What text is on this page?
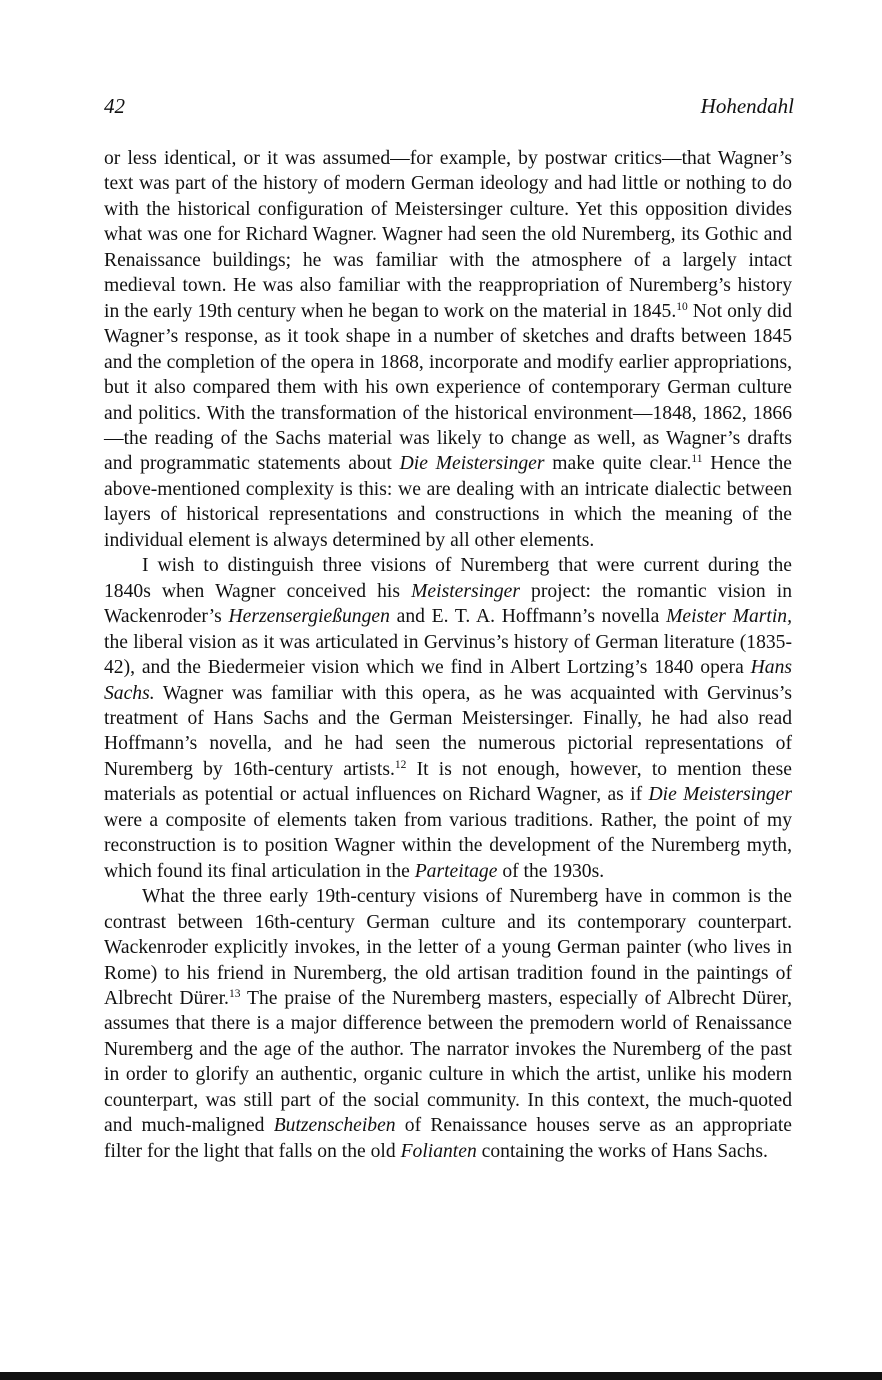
42	Hohendahl

or less identical, or it was assumed—for example, by postwar critics—that Wagner’s text was part of the history of modern German ideology and had little or nothing to do with the historical configuration of Meistersinger culture. Yet this opposition divides what was one for Richard Wagner. Wagner had seen the old Nuremberg, its Gothic and Renaissance buildings; he was familiar with the atmosphere of a largely intact medieval town. He was also familiar with the reappropriation of Nuremberg’s history in the early 19th century when he began to work on the material in 1845.10 Not only did Wagner’s response, as it took shape in a number of sketches and drafts between 1845 and the completion of the opera in 1868, incorporate and modify earlier appropriations, but it also compared them with his own experience of contemporary German culture and politics. With the transformation of the historical environment—1848, 1862, 1866—the reading of the Sachs material was likely to change as well, as Wagner’s drafts and programmatic statements about Die Meistersinger make quite clear.$^{11}$ Hence the above-mentioned complexity is this: we are dealing with an intricate dialectic between layers of historical representations and constructions in which the meaning of the individual element is always determined by all other elements.

I wish to distinguish three visions of Nuremberg that were current during the 1840s when Wagner conceived his Meistersinger project: the romantic vision in Wackenroder’s Herzensergießungen and E. T. A. Hoffmann’s novella Meister Martin, the liberal vision as it was articulated in Gervinus’s history of German literature (1835-42), and the Biedermeier vision which we find in Albert Lortzing’s 1840 opera Hans Sachs. Wagner was familiar with this opera, as he was acquainted with Gervinus’s treatment of Hans Sachs and the German Meistersinger. Finally, he had also read Hoffmann’s novella, and he had seen the numerous pictorial representations of Nuremberg by 16th-century artists.$^{12}$ It is not enough, however, to mention these materials as potential or actual influences on Richard Wagner, as if Die Meistersinger were a composite of elements taken from various traditions. Rather, the point of my reconstruction is to position Wagner within the development of the Nuremberg myth, which found its final articulation in the Parteitage of the 1930s.

What the three early 19th-century visions of Nuremberg have in common is the contrast between 16th-century German culture and its contemporary counterpart. Wackenroder explicitly invokes, in the letter of a young German painter (who lives in Rome) to his friend in Nuremberg, the old artisan tradition found in the paintings of Albrecht Dürer.$^{13}$ The praise of the Nuremberg masters, especially of Albrecht Dürer, assumes that there is a major difference between the premodern world of Renaissance Nuremberg and the age of the author. The narrator invokes the Nuremberg of the past in order to glorify an authentic, organic culture in which the artist, unlike his modern counterpart, was still part of the social community. In this context, the much-quoted and much-maligned Butzenscheiben of Renaissance houses serve as an appropriate filter for the light that falls on the old Folianten containing the works of Hans Sachs.
